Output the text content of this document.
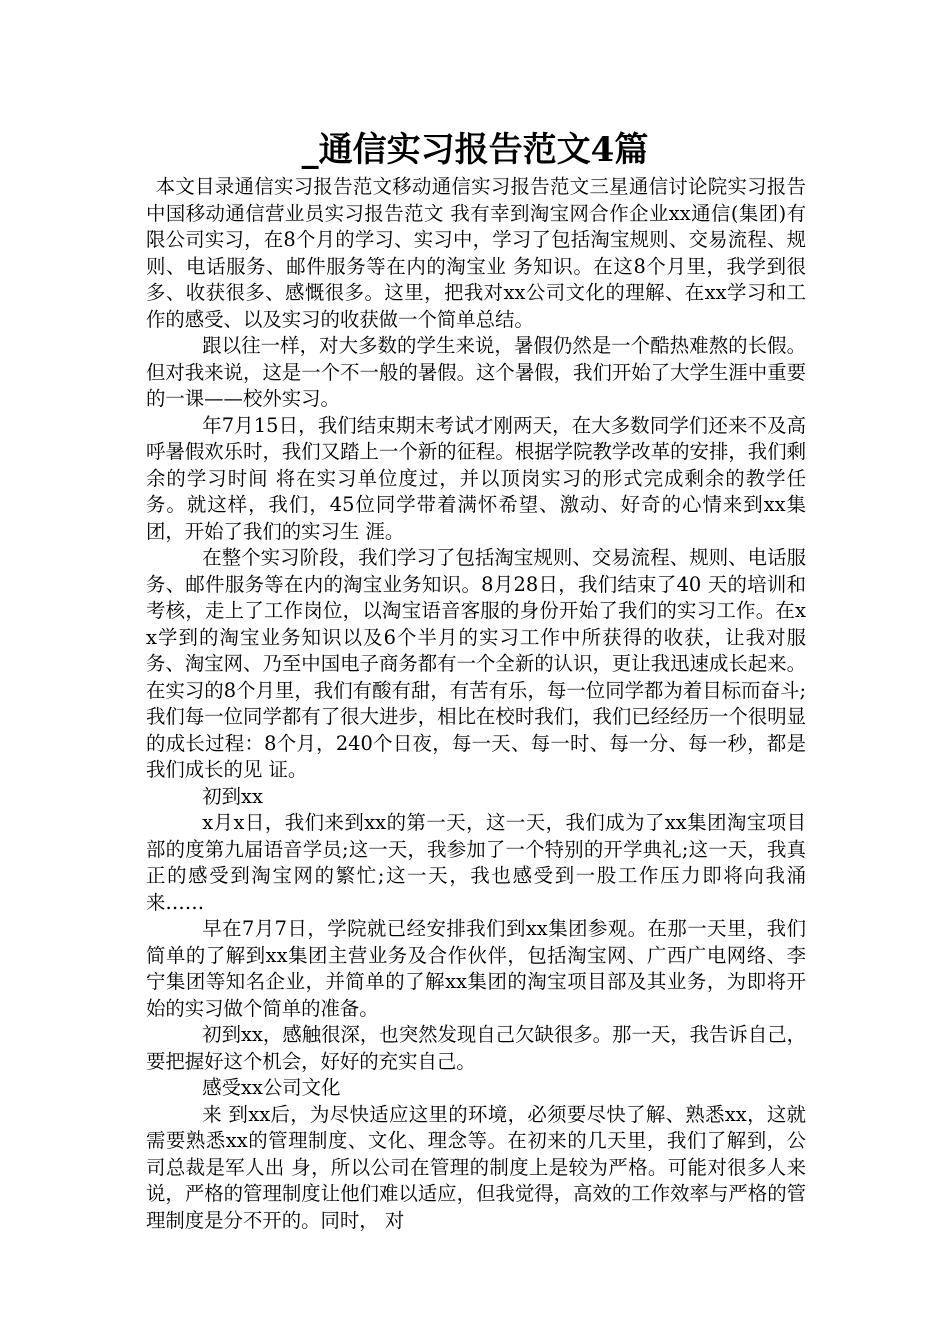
_通信实习报告范文4篇

本文目录通信实习报告范文移动通信实习报告范文三星通信讨论院实习报告中国移动通信营业员实习报告范文 我有幸到淘宝网合作企业xx通信(集团)有限公司实习，在8个月的学习、实习中，学习了包括淘宝规则、交易流程、规则、电话服务、邮件服务等在内的淘宝业 务知识。在这8个月里，我学到很多、收获很多、感慨很多。这里，把我对xx公司文化的理解、在xx学习和工作的感受、以及实习的收获做一个简单总结。

跟以往一样，对大多数的学生来说，暑假仍然是一个酷热难熬的长假。但对我来说，这是一个不一般的暑假。这个暑假，我们开始了大学生涯中重要的一课——校外实习。

年7月15日，我们结束期末考试才刚两天，在大多数同学们还来不及高呼暑假欢乐时，我们又踏上一个新的征程。根据学院教学改革的安排，我们剩余的学习时间 将在实习单位度过，并以顶岗实习的形式完成剩余的教学任务。就这样，我们，45位同学带着满怀希望、激动、好奇的心情来到xx集团，开始了我们的实习生 涯。

在整个实习阶段，我们学习了包括淘宝规则、交易流程、规则、电话服务、邮件服务等在内的淘宝业务知识。8月28日，我们结束了40 天的培训和考核，走上了工作岗位，以淘宝语音客服的身份开始了我们的实习工作。在xx学到的淘宝业务知识以及6个半月的实习工作中所获得的收获，让我对服 务、淘宝网、乃至中国电子商务都有一个全新的认识，更让我迅速成长起来。在实习的8个月里，我们有酸有甜，有苦有乐，每一位同学都为着目标而奋斗;我们每一位同学都有了很大进步，相比在校时我们，我们已经经历一个很明显的成长过程：8个月，240个日夜，每一天、每一时、每一分、每一秒，都是我们成长的见 证。

初到xx

x月x日，我们来到xx的第一天，这一天，我们成为了xx集团淘宝项目部的度第九届语音学员;这一天，我参加了一个特别的开学典礼;这一天，我真正的感受到淘宝网的繁忙;这一天，我也感受到一股工作压力即将向我涌来……

早在7月7日，学院就已经安排我们到xx集团参观。在那一天里，我们简单的了解到xx集团主营业务及合作伙伴，包括淘宝网、广西广电网络、李宁集团等知名企业，并简单的了解xx集团的淘宝项目部及其业务，为即将开始的实习做个简单的准备。

初到xx，感触很深，也突然发现自己欠缺很多。那一天，我告诉自己，要把握好这个机会，好好的充实自己。

感受xx公司文化

来 到xx后，为尽快适应这里的环境，必须要尽快了解、熟悉xx，这就需要熟悉xx的管理制度、文化、理念等。在初来的几天里，我们了解到，公司总裁是军人出 身，所以公司在管理的制度上是较为严格。可能对很多人来说，严格的管理制度让他们难以适应，但我觉得，高效的工作效率与严格的管理制度是分不开的。同时， 对
